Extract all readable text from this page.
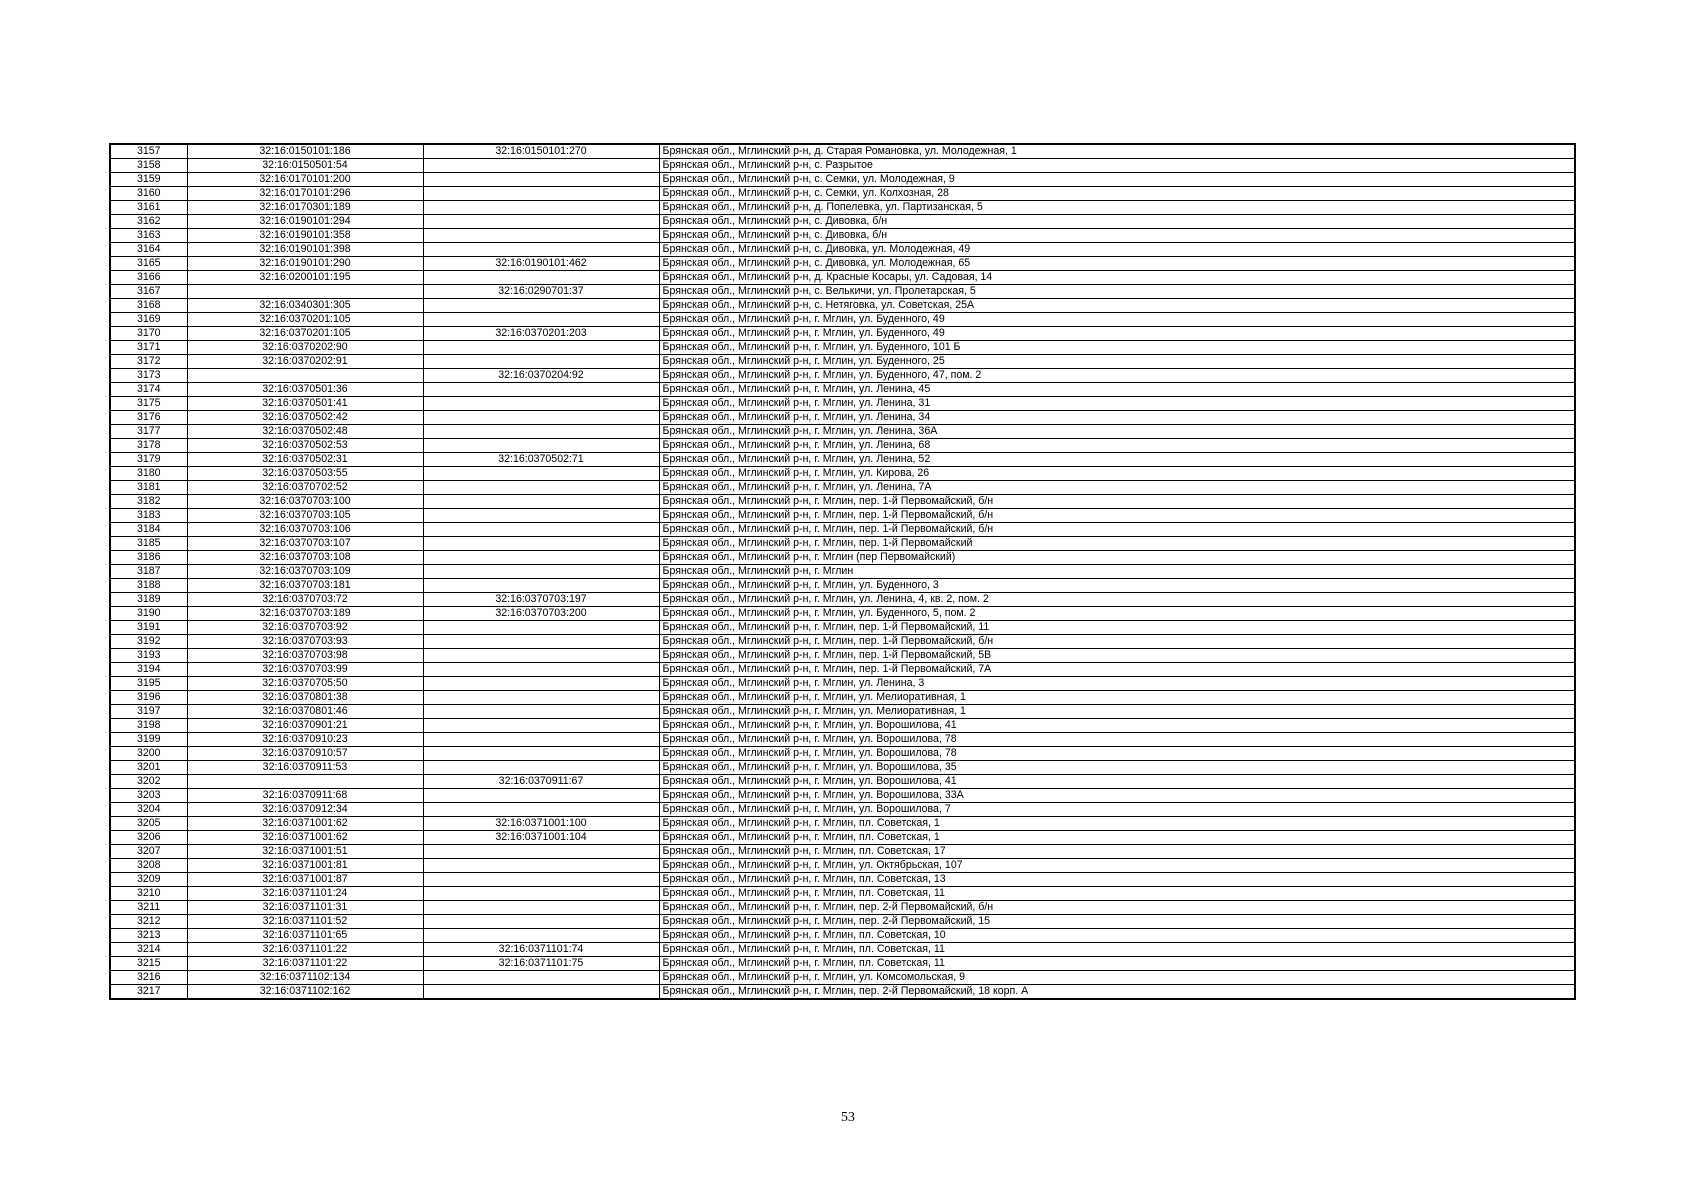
3157	32:16:0150101:186	32:16:0150101:270	Брянская обл., Мглинский р-н, д. Старая Романовка, ул. Молодежная, 1
3158	32:16:0150501:54		Брянская обл., Мглинский р-н, с. Разрытое
3159	32:16:0170101:200		Брянская обл., Мглинский р-н, с. Семки, ул. Молодежная, 9
3160	32:16:0170101:296		Брянская обл., Мглинский р-н, с. Семки, ул. Колхозная, 28
3161	32:16:0170301:189		Брянская обл., Мглинский р-н, д. Попелевка, ул. Партизанская, 5
3162	32:16:0190101:294		Брянская обл., Мглинский р-н, с. Дивовка, б/н
3163	32:16:0190101:358		Брянская обл., Мглинский р-н, с. Дивовка, б/н
3164	32:16:0190101:398		Брянская обл., Мглинский р-н, с. Дивовка, ул. Молодежная, 49
3165	32:16:0190101:290	32:16:0190101:462	Брянская обл., Мглинский р-н, с. Дивовка, ул. Молодежная, 65
3166	32:16:0200101:195		Брянская обл., Мглинский р-н, д. Красные Косары, ул. Садовая, 14
3167		32:16:0290701:37	Брянская обл., Мглинский р-н, с. Велькичи, ул. Пролетарская, 5
3168	32:16:0340301:305		Брянская обл., Мглинский р-н, с. Нетяговка, ул. Советская, 25А
3169	32:16:0370201:105		Брянская обл., Мглинский р-н, г. Мглин, ул. Буденного, 49
3170	32:16:0370201:105	32:16:0370201:203	Брянская обл., Мглинский р-н, г. Мглин, ул. Буденного, 49
3171	32:16:0370202:90		Брянская обл., Мглинский р-н, г. Мглин, ул. Буденного, 101 Б
3172	32:16:0370202:91		Брянская обл., Мглинский р-н, г. Мглин, ул. Буденного, 25
3173		32:16:0370204:92	Брянская обл., Мглинский р-н, г. Мглин, ул. Буденного, 47, пом. 2
3174	32:16:0370501:36		Брянская обл., Мглинский р-н, г. Мглин, ул. Ленина, 45
3175	32:16:0370501:41		Брянская обл., Мглинский р-н, г. Мглин, ул. Ленина, 31
3176	32:16:0370502:42		Брянская обл., Мглинский р-н, г. Мглин, ул. Ленина, 34
3177	32:16:0370502:48		Брянская обл., Мглинский р-н, г. Мглин, ул. Ленина, 36А
3178	32:16:0370502:53		Брянская обл., Мглинский р-н, г. Мглин, ул. Ленина, 68
3179	32:16:0370502:31	32:16:0370502:71	Брянская обл., Мглинский р-н, г. Мглин, ул. Ленина, 52
3180	32:16:0370503:55		Брянская обл., Мглинский р-н, г. Мглин, ул. Кирова, 26
3181	32:16:0370702:52		Брянская обл., Мглинский р-н, г. Мглин, ул. Ленина, 7А
3182	32:16:0370703:100		Брянская обл., Мглинский р-н, г. Мглин, пер. 1-й Первомайский, б/н
3183	32:16:0370703:105		Брянская обл., Мглинский р-н, г. Мглин, пер. 1-й Первомайский, б/н
3184	32:16:0370703:106		Брянская обл., Мглинский р-н, г. Мглин, пер. 1-й Первомайский, б/н
3185	32:16:0370703:107		Брянская обл., Мглинский р-н, г. Мглин, пер. 1-й Первомайский
3186	32:16:0370703:108		Брянская обл., Мглинский р-н, г. Мглин (пер Первомайский)
3187	32:16:0370703:109		Брянская обл., Мглинский р-н, г. Мглин
3188	32:16:0370703:181		Брянская обл., Мглинский р-н, г. Мглин, ул. Буденного, 3
3189	32:16:0370703:72	32:16:0370703:197	Брянская обл., Мглинский р-н, г. Мглин, ул. Ленина, 4, кв. 2, пом. 2
3190	32:16:0370703:189	32:16:0370703:200	Брянская обл., Мглинский р-н, г. Мглин, ул. Буденного, 5, пом. 2
3191	32:16:0370703:92		Брянская обл., Мглинский р-н, г. Мглин, пер. 1-й Первомайский, 11
3192	32:16:0370703:93		Брянская обл., Мглинский р-н, г. Мглин, пер. 1-й Первомайский, б/н
3193	32:16:0370703:98		Брянская обл., Мглинский р-н, г. Мглин, пер. 1-й Первомайский, 5В
3194	32:16:0370703:99		Брянская обл., Мглинский р-н, г. Мглин, пер. 1-й Первомайский, 7А
3195	32:16:0370705:50		Брянская обл., Мглинский р-н, г. Мглин, ул. Ленина, 3
3196	32:16:0370801:38		Брянская обл., Мглинский р-н, г. Мглин, ул. Мелиоративная, 1
3197	32:16:0370801:46		Брянская обл., Мглинский р-н, г. Мглин, ул. Мелиоративная, 1
3198	32:16:0370901:21		Брянская обл., Мглинский р-н, г. Мглин, ул. Ворошилова, 41
3199	32:16:0370910:23		Брянская обл., Мглинский р-н, г. Мглин, ул. Ворошилова, 78
3200	32:16:0370910:57		Брянская обл., Мглинский р-н, г. Мглин, ул. Ворошилова, 78
3201	32:16:0370911:53		Брянская обл., Мглинский р-н, г. Мглин, ул. Ворошилова, 35
3202		32:16:0370911:67	Брянская обл., Мглинский р-н, г. Мглин, ул. Ворошилова, 41
3203	32:16:0370911:68		Брянская обл., Мглинский р-н, г. Мглин, ул. Ворошилова, 33А
3204	32:16:0370912:34		Брянская обл., Мглинский р-н, г. Мглин, ул. Ворошилова, 7
3205	32:16:0371001:62	32:16:0371001:100	Брянская обл., Мглинский р-н, г. Мглин, пл. Советская, 1
3206	32:16:0371001:62	32:16:0371001:104	Брянская обл., Мглинский р-н, г. Мглин, пл. Советская, 1
3207	32:16:0371001:51		Брянская обл., Мглинский р-н, г. Мглин, пл. Советская, 17
3208	32:16:0371001:81		Брянская обл., Мглинский р-н, г. Мглин, ул. Октябрьская, 107
3209	32:16:0371001:87		Брянская обл., Мглинский р-н, г. Мглин, пл. Советская, 13
3210	32:16:0371101:24		Брянская обл., Мглинский р-н, г. Мглин, пл. Советская, 11
3211	32:16:0371101:31		Брянская обл., Мглинский р-н, г. Мглин, пер. 2-й Первомайский, б/н
3212	32:16:0371101:52		Брянская обл., Мглинский р-н, г. Мглин, пер. 2-й Первомайский, 15
3213	32:16:0371101:65		Брянская обл., Мглинский р-н, г. Мглин, пл. Советская, 10
3214	32:16:0371101:22	32:16:0371101:74	Брянская обл., Мглинский р-н, г. Мглин, пл. Советская, 11
3215	32:16:0371101:22	32:16:0371101:75	Брянская обл., Мглинский р-н, г. Мглин, пл. Советская, 11
3216	32:16:0371102:134		Брянская обл., Мглинский р-н, г. Мглин, ул. Комсомольская, 9
3217	32:16:0371102:162		Брянская обл., Мглинский р-н, г. Мглин, пер. 2-й Первомайский, 18 корп. А
53
